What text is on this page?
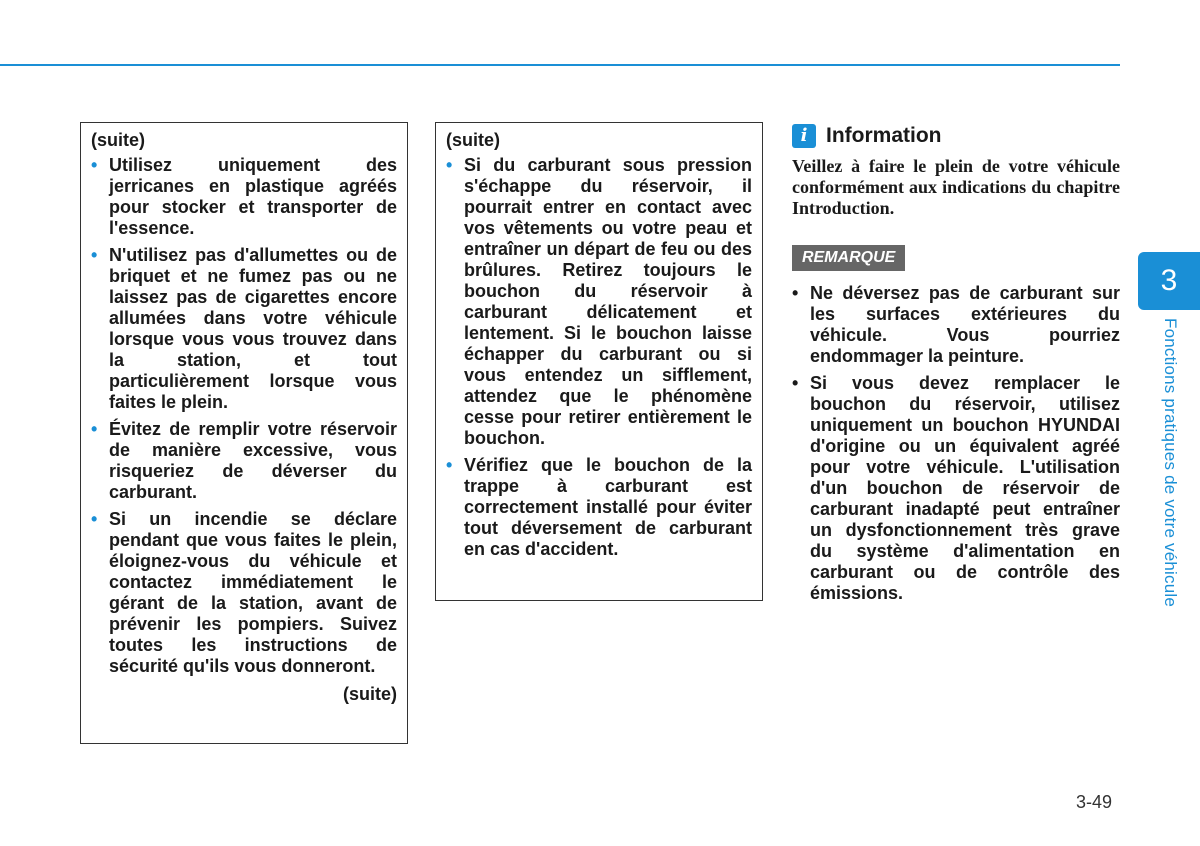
(suite)
• Utilisez uniquement des jerricanes en plastique agréés pour stocker et transporter de l'essence.
• N'utilisez pas d'allumettes ou de briquet et ne fumez pas ou ne laissez pas de cigarettes encore allumées dans votre véhicule lorsque vous vous trouvez dans la station, et tout particulièrement lorsque vous faites le plein.
• Évitez de remplir votre réservoir de manière excessive, vous risqueriez de déverser du carburant.
• Si un incendie se déclare pendant que vous faites le plein, éloignez-vous du véhicule et contactez immédiatement le gérant de la station, avant de prévenir les pompiers. Suivez toutes les instructions de sécurité qu'ils vous donneront.
(suite)
(suite)
• Si du carburant sous pression s'échappe du réservoir, il pourrait entrer en contact avec vos vêtements ou votre peau et entraîner un départ de feu ou des brûlures. Retirez toujours le bouchon du réservoir à carburant délicatement et lentement. Si le bouchon laisse échapper du carburant ou si vous entendez un sifflement, attendez que le phénomène cesse pour retirer entièrement le bouchon.
• Vérifiez que le bouchon de la trappe à carburant est correctement installé pour éviter tout déversement de carburant en cas d'accident.
i Information

Veillez à faire le plein de votre véhicule conformément aux indications du chapitre Introduction.

REMARQUE
• Ne déversez pas de carburant sur les surfaces extérieures du véhicule. Vous pourriez endommager la peinture.
• Si vous devez remplacer le bouchon du réservoir, utilisez uniquement un bouchon HYUNDAI d'origine ou un équivalent agréé pour votre véhicule. L'utilisation d'un bouchon de réservoir de carburant inadapté peut entraîner un dysfonctionnement très grave du système d'alimentation en carburant ou de contrôle des émissions.
3
Fonctions pratiques de votre véhicule
3-49
